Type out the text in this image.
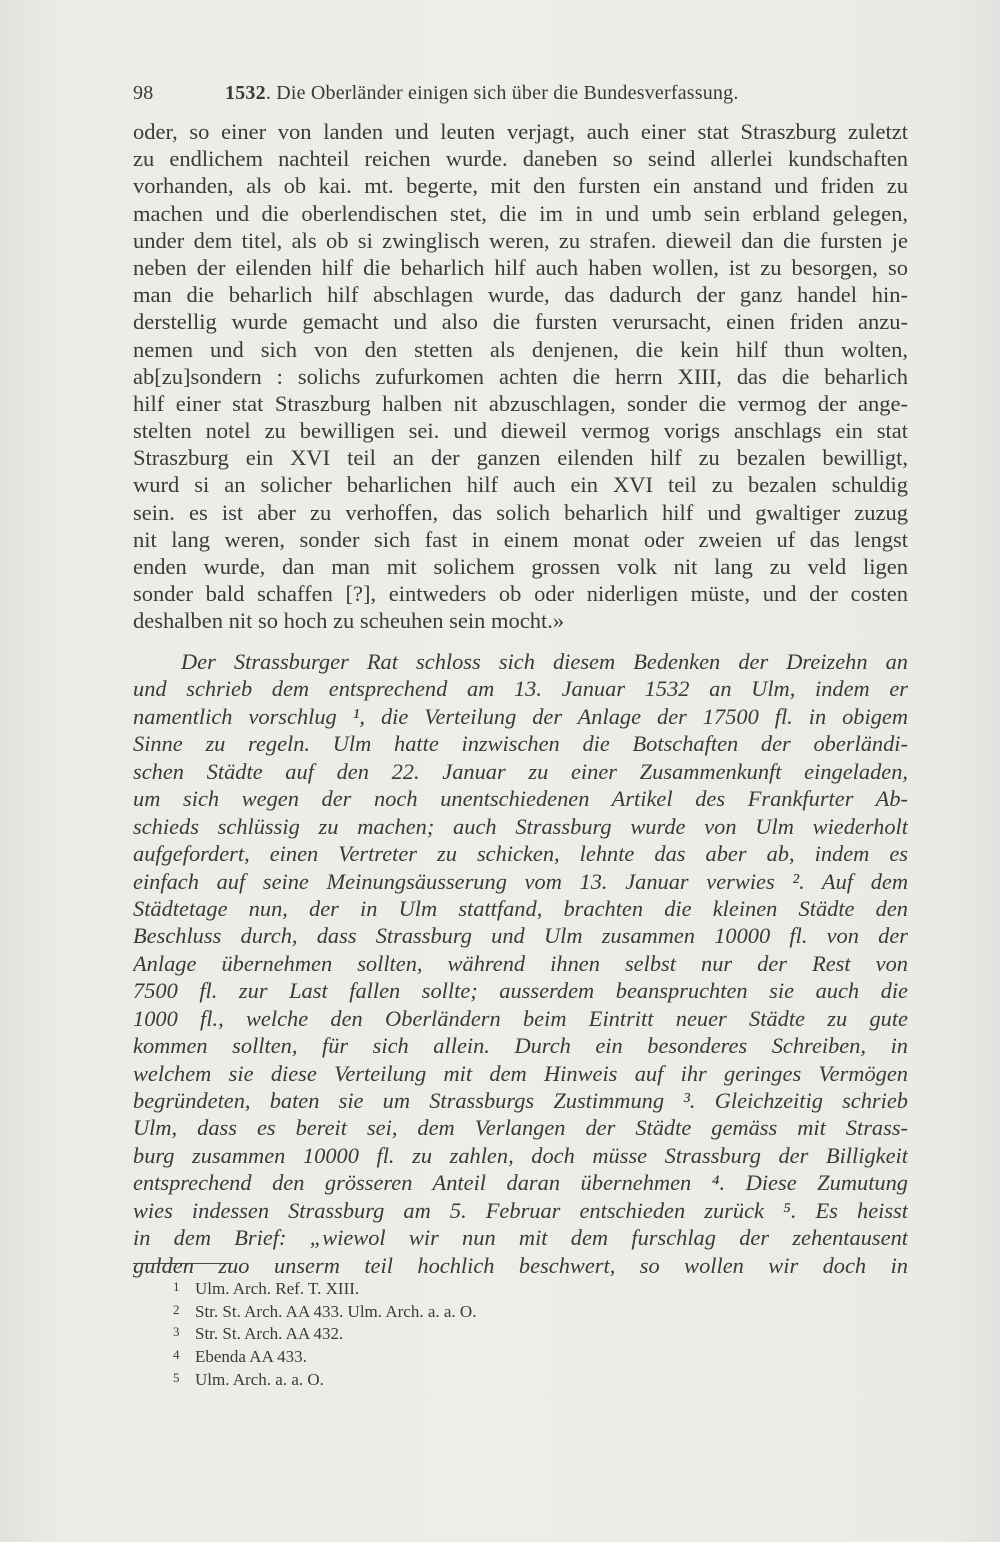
98	1532. Die Oberländer einigen sich über die Bundesverfassung.
oder, so einer von landen und leuten verjagt, auch einer stat Straszburg zuletzt
zu endlichem nachteil reichen wurde. daneben so seind allerlei kundschaften
vorhanden, als ob kai. mt. begerte, mit den fursten ein anstand und friden zu
machen und die oberlendischen stet, die im in und umb sein erbland gelegen,
under dem titel, als ob si zwinglisch weren, zu strafen. dieweil dan die fursten je
neben der eilenden hilf die beharlich hilf auch haben wollen, ist zu besorgen, so
man die beharlich hilf abschlagen wurde, das dadurch der ganz handel hin-
derstellig wurde gemacht und also die fursten verursacht, einen friden anzu-
nemen und sich von den stetten als denjenen, die kein hilf thun wolten,
ab[zu]sondern : solichs zufurkomen achten die herrn XIII, das die beharlich
hilf einer stat Straszburg halben nit abzuschlagen, sonder die vermog der ange-
stelten notel zu bewilligen sei. und dieweil vermog vorigs anschlags ein stat
Straszburg ein XVI teil an der ganzen eilenden hilf zu bezalen bewilligt,
wurd si an solicher beharlichen hilf auch ein XVI teil zu bezalen schuldig
sein. es ist aber zu verhoffen, das solich beharlich hilf und gwaltiger zuzug
nit lang weren, sonder sich fast in einem monat oder zweien uf das lengst
enden wurde, dan man mit solichem grossen volk nit lang zu veld ligen
sonder bald schaffen [?], eintweders ob oder niderligen müste, und der costen
deshalben nit so hoch zu scheuhen sein mocht.»
Der Strassburger Rat schloss sich diesem Bedenken der Dreizehn an
und schrieb dem entsprechend am 13. Januar 1532 an Ulm, indem er
namentlich vorschlug ¹, die Verteilung der Anlage der 17500 fl. in obigem
Sinne zu regeln. Ulm hatte inzwischen die Botschaften der oberländi-
schen Städte auf den 22. Januar zu einer Zusammenkunft eingeladen,
um sich wegen der noch unentschiedenen Artikel des Frankfurter Ab-
schieds schlüssig zu machen; auch Strassburg wurde von Ulm wiederholt
aufgefordert, einen Vertreter zu schicken, lehnte das aber ab, indem es
einfach auf seine Meinungsäusserung vom 13. Januar verwies ². Auf dem
Städtetage nun, der in Ulm stattfand, brachten die kleinen Städte den
Beschluss durch, dass Strassburg und Ulm zusammen 10000 fl. von der
Anlage übernehmen sollten, während ihnen selbst nur der Rest von
7500 fl. zur Last fallen sollte; ausserdem beanspruchten sie auch die
1000 fl., welche den Oberländern beim Eintritt neuer Städte zu gute
kommen sollten, für sich allein. Durch ein besonderes Schreiben, in
welchem sie diese Verteilung mit dem Hinweis auf ihr geringes Vermögen
begründeten, baten sie um Strassburgs Zustimmung ³. Gleichzeitig schrieb
Ulm, dass es bereit sei, dem Verlangen der Städte gemäss mit Strass-
burg zusammen 10000 fl. zu zahlen, doch müsse Strassburg der Billigkeit
entsprechend den grösseren Anteil daran übernehmen ⁴. Diese Zumutung
wies indessen Strassburg am 5. Februar entschieden zurück ⁵. Es heisst
in dem Brief: „wiewol wir nun mit dem furschlag der zehentausent
gulden zuo unserm teil hochlich beschwert, so wollen wir doch in
1 Ulm. Arch. Ref. T. XIII.
2 Str. St. Arch. AA 433. Ulm. Arch. a. a. O.
3 Str. St. Arch. AA 432.
4 Ebenda AA 433.
5 Ulm. Arch. a. a. O.
